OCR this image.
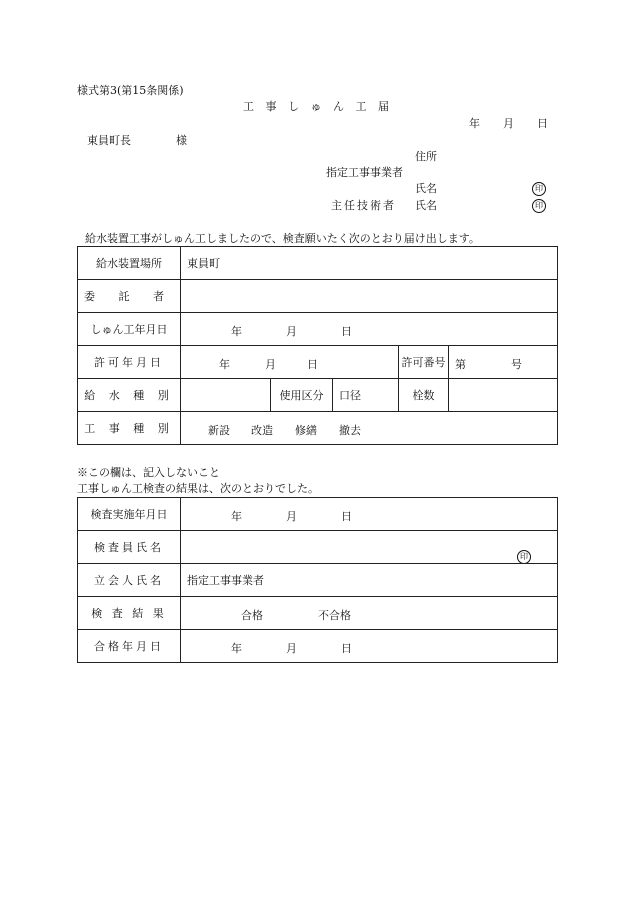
様式第3(第15条関係)
工 事 し ゅ ん 工 届
年 月 日
東員町長	様
住所
指定工事事業者
氏名	印
主任技術者 氏名	印
給水装置工事がしゅん工しましたので、検査願いたく次のとおり届け出します。
給水装置場所	東員町				
委 託 者					
しゅん工年月日	年 月 日				

許可年月日	年 月 日			許可番号	第 号

給 水 種 別		使用区分	口径	栓数	
工 事 種 別	新設 改造 修繕 撤去				
※この欄は、記入しないこと
工事しゅん工検査の結果は、次のとおりでした。
検査実施年月日	年 月 日

検査員氏名	印

立会人氏名	指定工事事業者
検 査 結 果	合格 不合格

合格年月日	年 月 日
